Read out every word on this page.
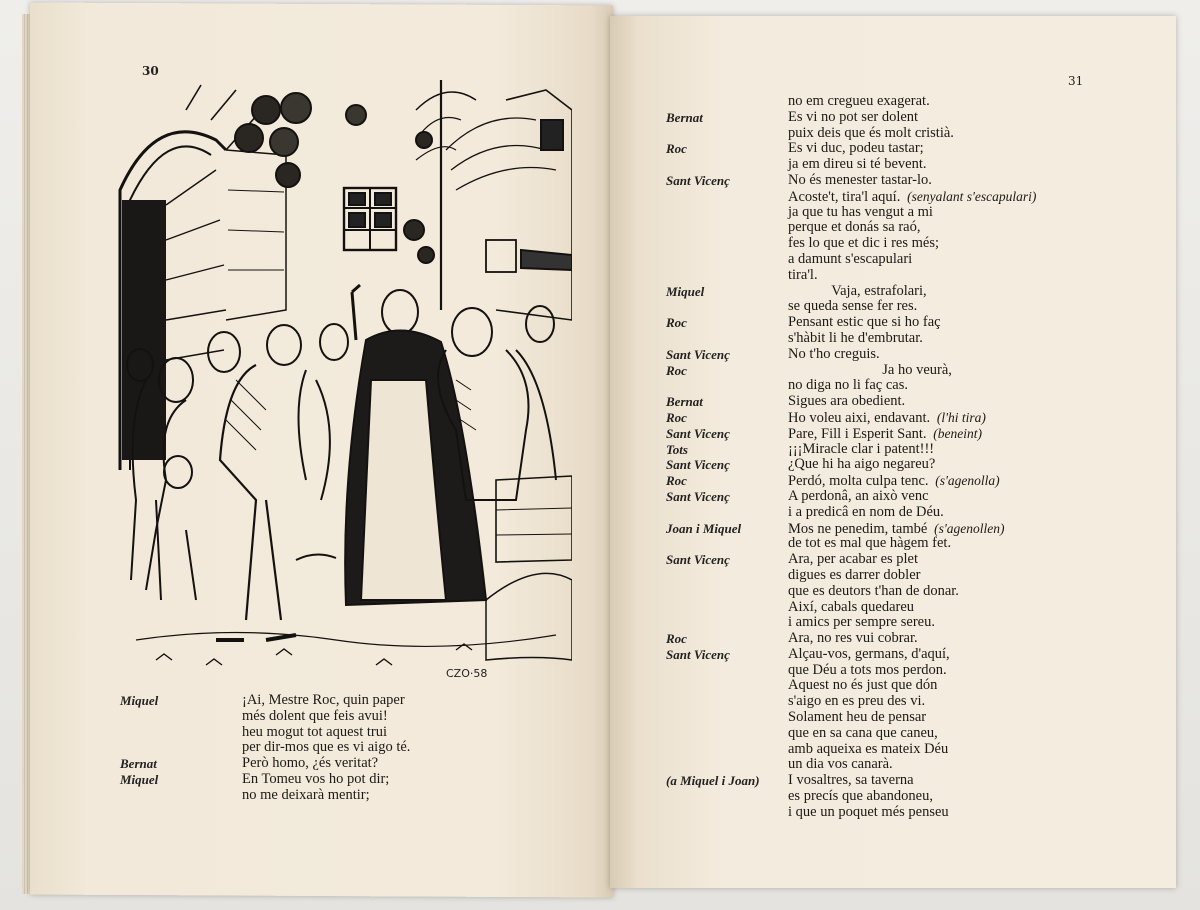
30
31
CZO·58
Miquel	¡Ai, Mestre Roc, quin paper
més dolent que feis avui!
heu mogut tot aquest trui
per dir-mos que es vi aigo té.
Bernat	Però homo, ¿és veritat?
Miquel	En Tomeu vos ho pot dir;
no me deixarà mentir;
no em cregueu exagerat.
Bernat	Es vi no pot ser dolent
puix deis que és molt cristià.
Roc	Es vi duc, podeu tastar;
ja em direu si té bevent.
Sant Vicenç	No és menester tastar-lo.
Acoste't, tira'l aquí.  (senyalant s'escapulari)
ja que tu has vengut a mi
perque et donás sa raó,
fes lo que et dic i res més;
a damunt s'escapulari
tira'l.
Miquel	Vaja, estrafolari,
se queda sense fer res.
Roc	Pensant estic que si ho faç
s'hàbit li he d'embrutar.
Sant Vicenç	No t'ho creguis.
Roc	Ja ho veurà,
no diga no li faç cas.
Bernat	Sigues ara obedient.
Roc	Ho voleu aixi, endavant.  (l'hi tira)
Sant Vicenç	Pare, Fill i Esperit Sant.  (beneint)
Tots	¡¡¡Miracle clar i patent!!!
Sant Vicenç	¿Que hi ha aigo negareu?
Roc	Perdó, molta culpa tenc.  (s'agenolla)
Sant Vicenç	A perdonâ, an això venc
i a predicâ en nom de Déu.
Joan i Miquel	Mos ne penedim, també  (s'agenollen)
de tot es mal que hàgem fet.
Sant Vicenç	Ara, per acabar es plet
digues es darrer dobler
que es deutors t'han de donar.
Així, cabals quedareu
i amics per sempre sereu.
Roc	Ara, no res vui cobrar.
Sant Vicenç	Alçau-vos, germans, d'aquí,
que Déu a tots mos perdon.
Aquest no és just que dón
s'aigo en es preu des vi.
Solament heu de pensar
que en sa cana que caneu,
amb aqueixa es mateix Déu
un dia vos canarà.
(a Miquel i Joan) I vosaltres, sa taverna
es precís que abandoneu,
i que un poquet més penseu
